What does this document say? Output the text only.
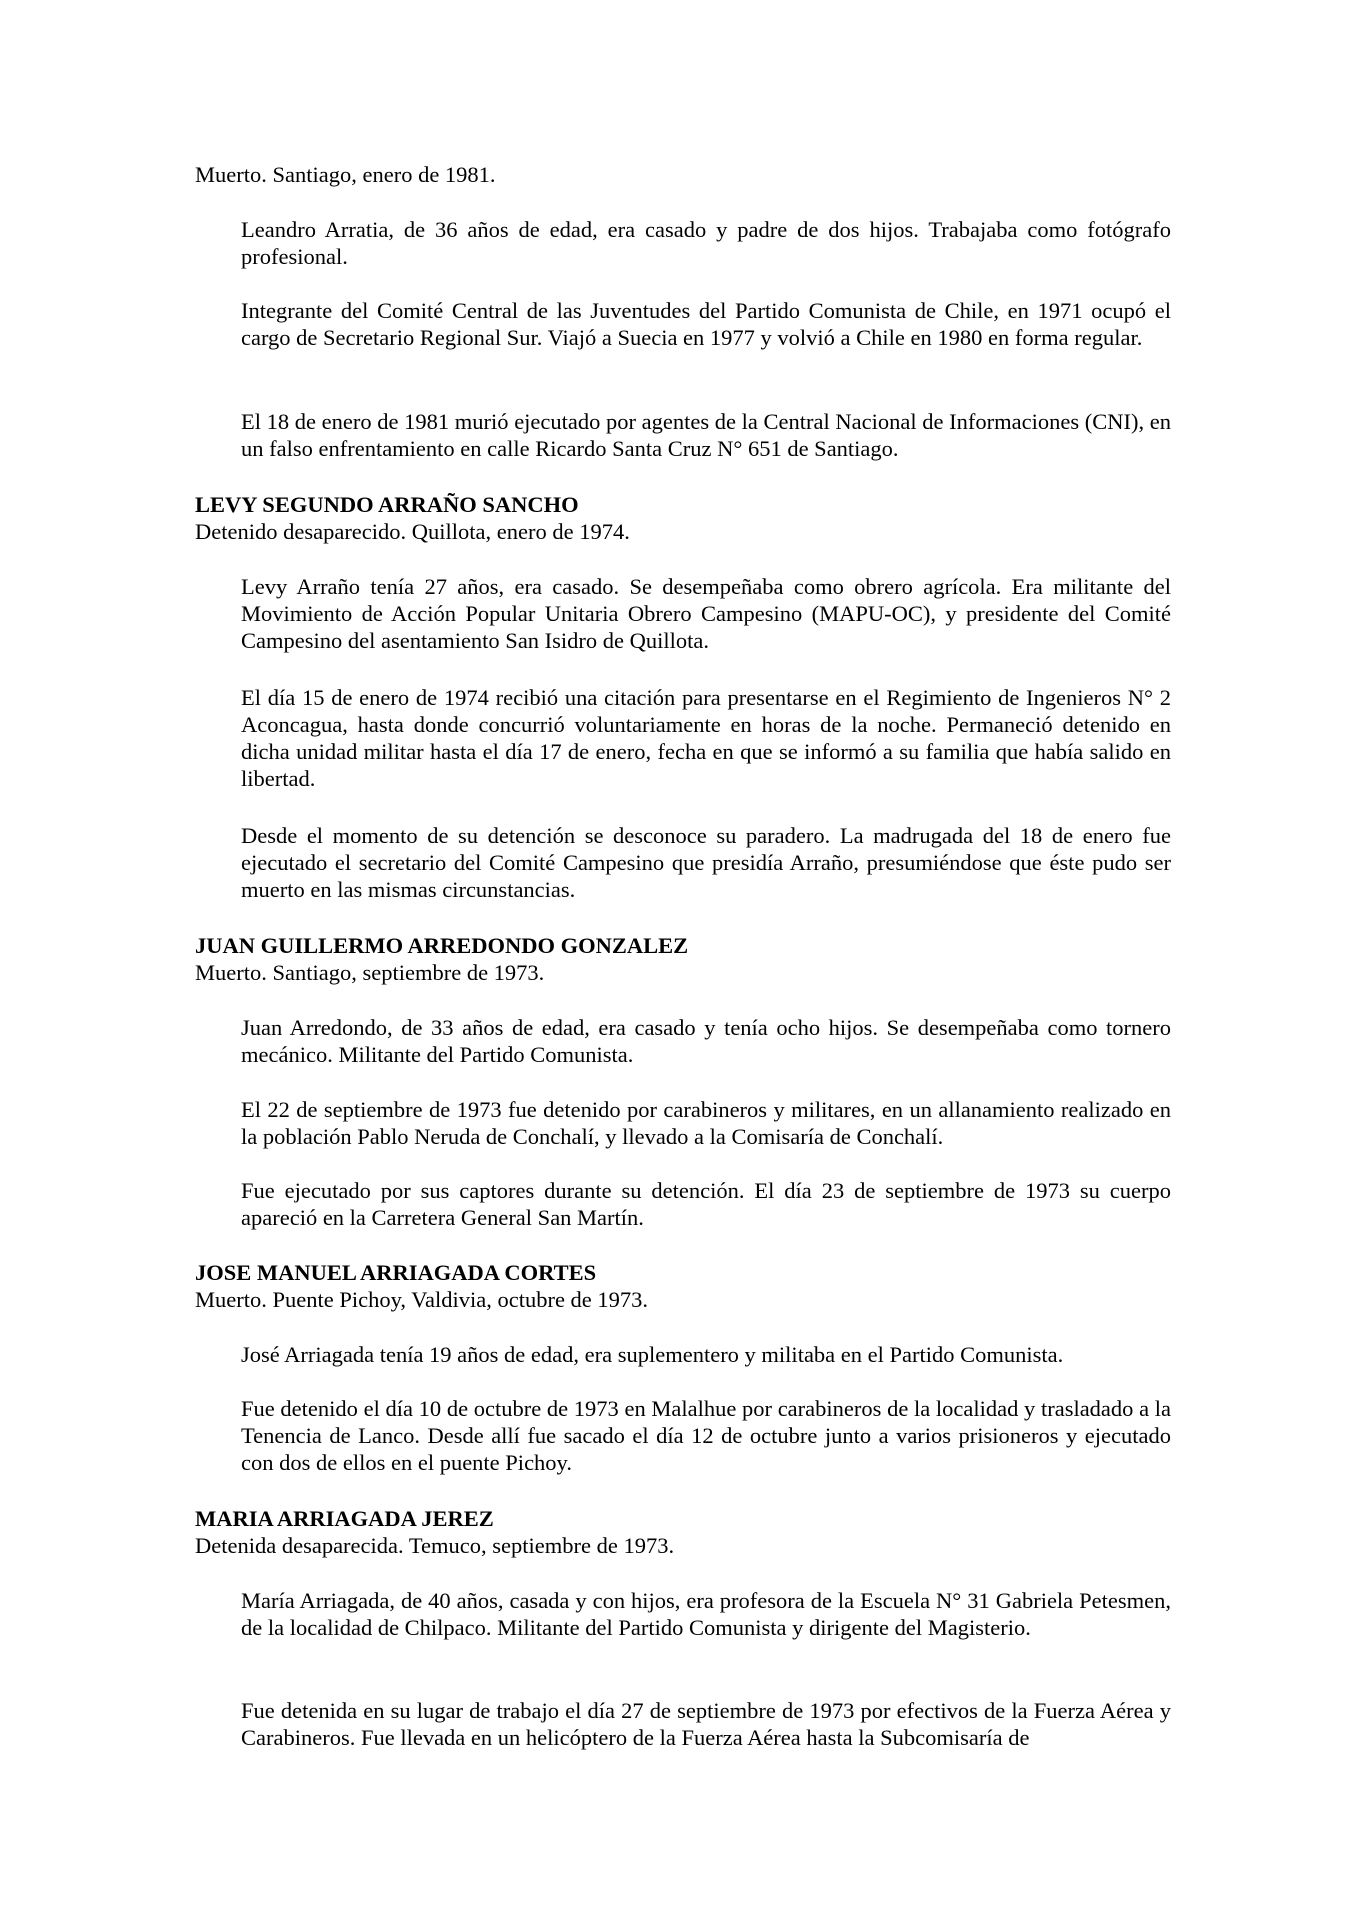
Muerto. Santiago, enero de 1981.
Leandro Arratia, de 36 años de edad, era casado y padre de dos hijos. Trabajaba como fotógrafo profesional.
Integrante del Comité Central de las Juventudes del Partido Comunista de Chile, en 1971 ocupó el cargo de Secretario Regional Sur. Viajó a Suecia en 1977 y volvió a Chile en 1980 en forma regular.
El 18 de enero de 1981 murió ejecutado por agentes de la Central Nacional de Informaciones (CNI), en un falso enfrentamiento en calle Ricardo Santa Cruz N° 651 de Santiago.
LEVY SEGUNDO ARRAÑO SANCHO
Detenido desaparecido. Quillota, enero de 1974.
Levy Arraño tenía 27 años, era casado. Se desempeñaba como obrero agrícola. Era militante del Movimiento de Acción Popular Unitaria Obrero Campesino (MAPU-OC), y presidente del Comité Campesino del asentamiento San Isidro de Quillota.
El día 15 de enero de 1974 recibió una citación para presentarse en el Regimiento de Ingenieros N° 2 Aconcagua, hasta donde concurrió voluntariamente en horas de la noche. Permaneció detenido en dicha unidad militar hasta el día 17 de enero, fecha en que se informó a su familia que había salido en libertad.
Desde el momento de su detención se desconoce su paradero. La madrugada del 18 de enero fue ejecutado el secretario del Comité Campesino que presidía Arraño, presumiéndose que éste pudo ser muerto en las mismas circunstancias.
JUAN GUILLERMO ARREDONDO GONZALEZ
Muerto. Santiago, septiembre de 1973.
Juan Arredondo, de 33 años de edad, era casado y tenía ocho hijos. Se desempeñaba como tornero mecánico. Militante del Partido Comunista.
El 22 de septiembre de 1973 fue detenido por carabineros y militares, en un allanamiento realizado en la población Pablo Neruda de Conchalí, y llevado a la Comisaría de Conchalí.
Fue ejecutado por sus captores durante su detención. El día 23 de septiembre de 1973 su cuerpo apareció en la Carretera General San Martín.
JOSE MANUEL ARRIAGADA CORTES
Muerto. Puente Pichoy, Valdivia, octubre de 1973.
José Arriagada tenía 19 años de edad, era suplementero y militaba en el Partido Comunista.
Fue detenido el día 10 de octubre de 1973 en Malalhue por carabineros de la localidad y trasladado a la Tenencia de Lanco. Desde allí fue sacado el día 12 de octubre junto a varios prisioneros y ejecutado con dos de ellos en el puente Pichoy.
MARIA ARRIAGADA JEREZ
Detenida desaparecida. Temuco, septiembre de 1973.
María Arriagada, de 40 años, casada y con hijos, era profesora de la Escuela N° 31 Gabriela Petesmen, de la localidad de Chilpaco. Militante del Partido Comunista y dirigente del Magisterio.
Fue detenida en su lugar de trabajo el día 27 de septiembre de 1973 por efectivos de la Fuerza Aérea y Carabineros. Fue llevada en un helicóptero de la Fuerza Aérea hasta la Subcomisaría de
